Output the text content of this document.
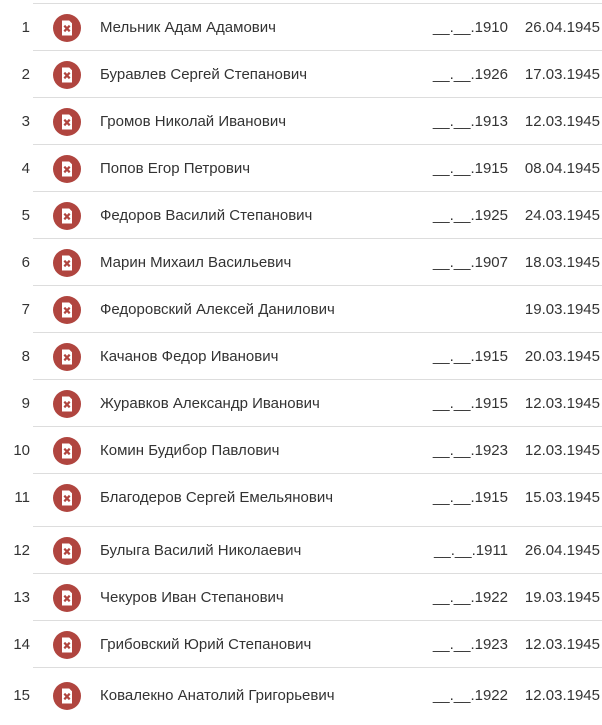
1	Мельник Адам Адамович	__.__.1910 26.04.1945
2	Буравлев Сергей Степанович	__.__.1926 17.03.1945
3	Громов Николай Иванович	__.__.1913 12.03.1945
4	Попов Егор Петрович	__.__.1915 08.04.1945
5	Федоров Василий Степанович	__.__.1925 24.03.1945
6	Марин Михаил Васильевич	__.__.1907 18.03.1945
7	Федоровский Алексей Данилович	19.03.1945
8	Качанов Федор Иванович	__.__.1915 20.03.1945
9	Журавков Александр Иванович	__.__.1915 12.03.1945
10	Комин Будибор Павлович	__.__.1923 12.03.1945
11	Благодеров Сергей Емельянович	__.__.1915 15.03.1945
12	Булыга Василий Николаевич	__.__.1911 26.04.1945
13	Чекуров Иван Степанович	__.__.1922 19.03.1945
14	Грибовский Юрий Степанович	__.__.1923 12.03.1945
15	Ковалекно Анатолий Григорьевич	__.__.1922 12.03.1945
